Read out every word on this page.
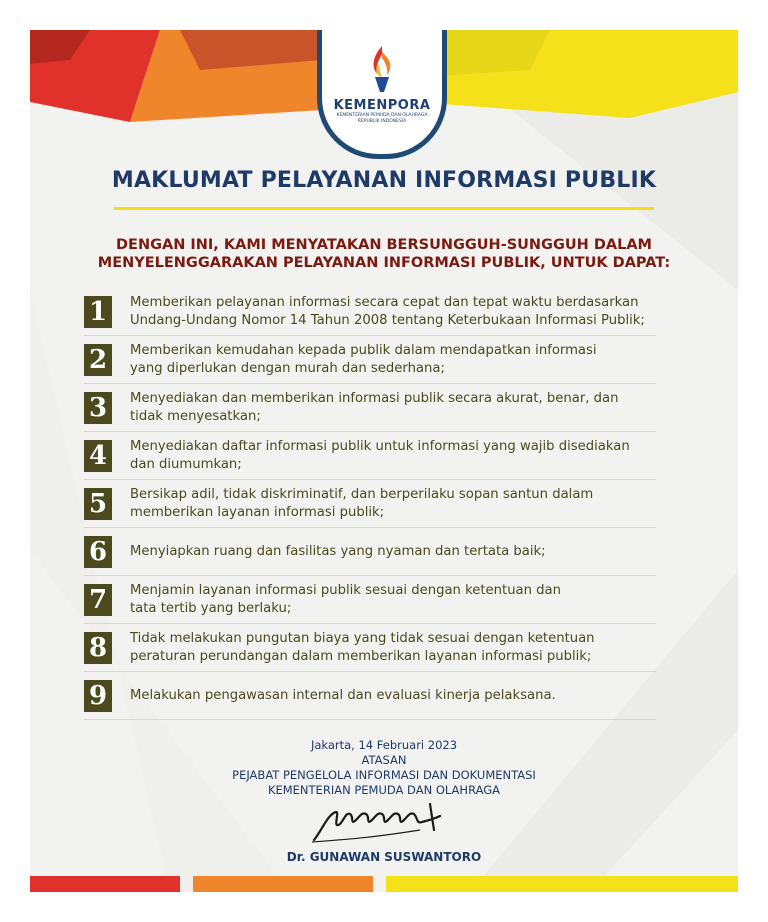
KEMENPORA
KEMENTERIAN PEMUDA DAN OLAHRAGA
REPUBLIK INDONESIA
MAKLUMAT PELAYANAN INFORMASI PUBLIK
DENGAN INI, KAMI MENYATAKAN BERSUNGGUH-SUNGGUH DALAM
MENYELENGGARAKAN PELAYANAN INFORMASI PUBLIK, UNTUK DAPAT:
1	Memberikan pelayanan informasi secara cepat dan tepat waktu berdasarkan
Undang-Undang Nomor 14 Tahun 2008 tentang Keterbukaan Informasi Publik;
2	Memberikan kemudahan kepada publik dalam mendapatkan informasi
yang diperlukan dengan murah dan sederhana;
3	Menyediakan dan memberikan informasi publik secara akurat, benar, dan
tidak menyesatkan;
4	Menyediakan daftar informasi publik untuk informasi yang wajib disediakan
dan diumumkan;
5	Bersikap adil, tidak diskriminatif, dan berperilaku sopan santun dalam
memberikan layanan informasi publik;
6	Menyiapkan ruang dan fasilitas yang nyaman dan tertata baik;
7	Menjamin layanan informasi publik sesuai dengan ketentuan dan
tata tertib yang berlaku;
8	Tidak melakukan pungutan biaya yang tidak sesuai dengan ketentuan
peraturan perundangan dalam memberikan layanan informasi publik;
9	Melakukan pengawasan internal dan evaluasi kinerja pelaksana.
Jakarta, 14 Februari 2023
ATASAN
PEJABAT PENGELOLA INFORMASI DAN DOKUMENTASI
KEMENTERIAN PEMUDA DAN OLAHRAGA
Dr. GUNAWAN SUSWANTORO
